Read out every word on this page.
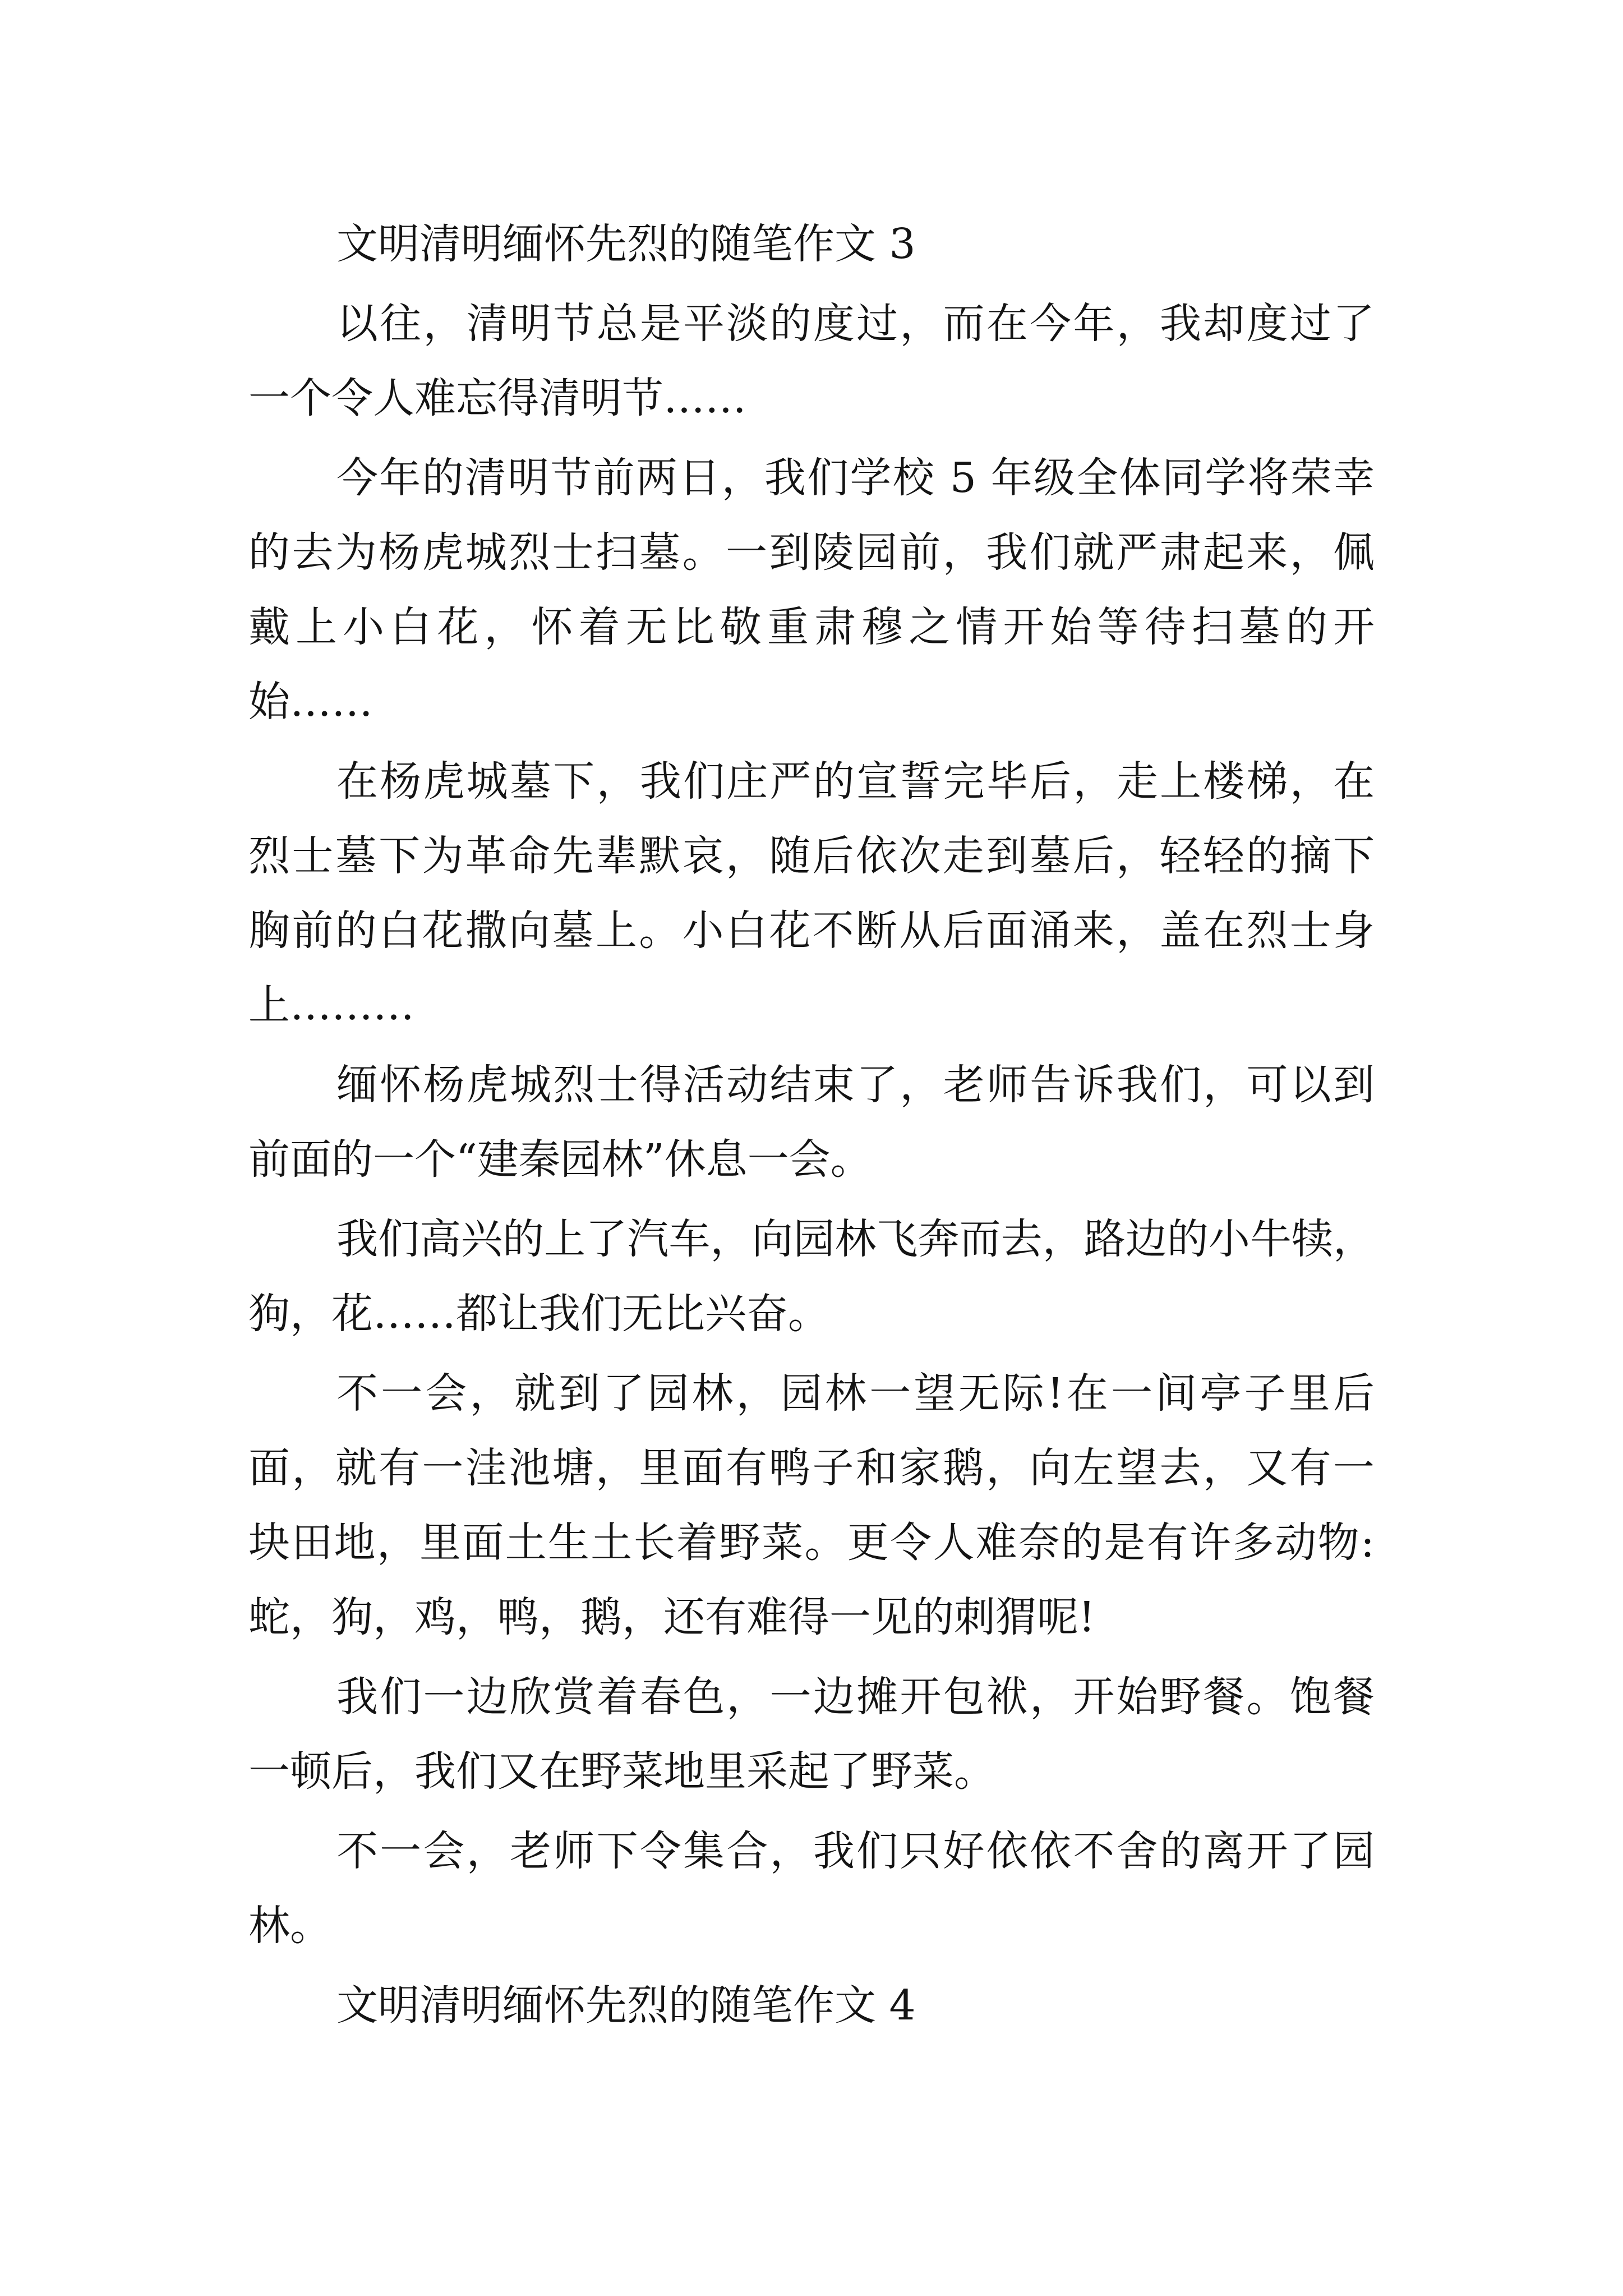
文明清明缅怀先烈的随笔作文 3
以往，清明节总是平淡的度过，而在今年，我却度过了
一个令人难忘得清明节……
今年的清明节前两日，我们学校 5 年级全体同学将荣幸
的去为杨虎城烈士扫墓。一到陵园前，我们就严肃起来，佩
戴上小白花，怀着无比敬重肃穆之情开始等待扫墓的开
始……
在杨虎城墓下，我们庄严的宣誓完毕后，走上楼梯，在
烈士墓下为革命先辈默哀，随后依次走到墓后，轻轻的摘下
胸前的白花撒向墓上。小白花不断从后面涌来，盖在烈士身
上………
缅怀杨虎城烈士得活动结束了，老师告诉我们，可以到
前面的一个“建秦园林”休息一会。
我们高兴的上了汽车，向园林飞奔而去，路边的小牛犊，
狗，花……都让我们无比兴奋。
不一会，就到了园林，园林一望无际!在一间亭子里后
面，就有一洼池塘，里面有鸭子和家鹅，向左望去，又有一
块田地，里面土生土长着野菜。更令人难奈的是有许多动物:
蛇，狗，鸡，鸭，鹅，还有难得一见的刺猬呢!
我们一边欣赏着春色，一边摊开包袱，开始野餐。饱餐
一顿后，我们又在野菜地里采起了野菜。
不一会，老师下令集合，我们只好依依不舍的离开了园
林。
文明清明缅怀先烈的随笔作文 4
